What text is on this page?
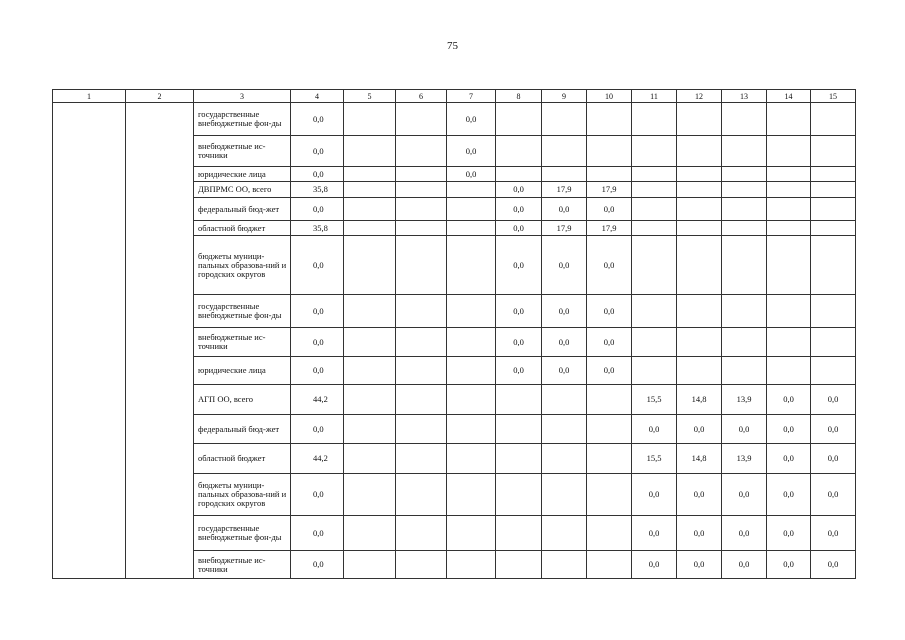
75
1	2	3	4	5	6	7	8	9	10	11	12	13	14	15
		государственные внебюджетные фон-ды	0,0			0,0								
		внебюджетные ис-точники	0,0			0,0								
		юридические лица	0,0			0,0								
		ДВПРМС ОО, всего	35,8				0,0	17,9	17,9					
		федеральный бюд-жет	0,0				0,0	0,0	0,0					
		областной бюджет	35,8				0,0	17,9	17,9					
		бюджеты муници-пальных образова-ний и городских округов	0,0				0,0	0,0	0,0					
		государственные внебюджетные фон-ды	0,0				0,0	0,0	0,0					
		внебюджетные ис-точники	0,0				0,0	0,0	0,0					
		юридические лица	0,0				0,0	0,0	0,0					
		АГП ОО, всего	44,2							15,5	14,8	13,9	0,0	0,0
		федеральный бюд-жет	0,0							0,0	0,0	0,0	0,0	0,0
		областной бюджет	44,2							15,5	14,8	13,9	0,0	0,0
		бюджеты муници-пальных образова-ний и городских округов	0,0							0,0	0,0	0,0	0,0	0,0
		государственные внебюджетные фон-ды	0,0							0,0	0,0	0,0	0,0	0,0
		внебюджетные ис-точники	0,0							0,0	0,0	0,0	0,0	0,0
